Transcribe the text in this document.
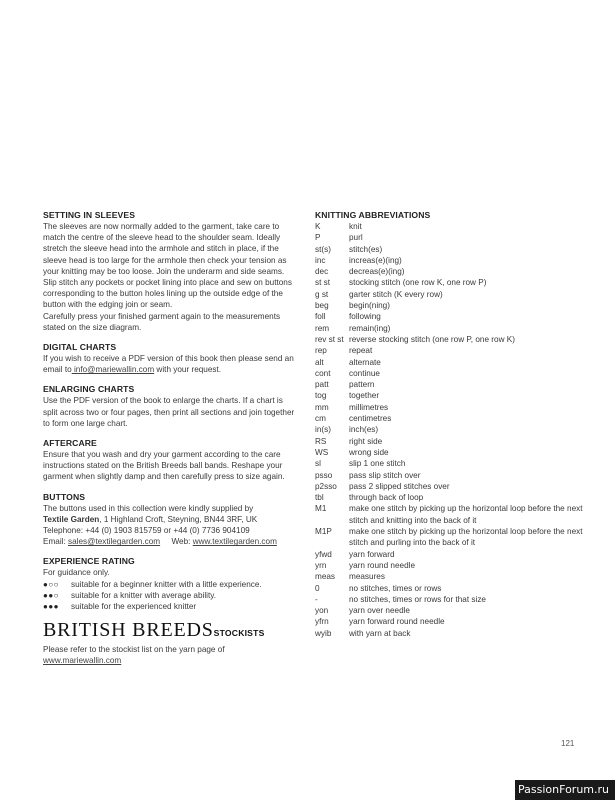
SETTING IN SLEEVES

The sleeves are now normally added to the garment, take care to
match the centre of the sleeve head to the shoulder seam. Ideally
stretch the sleeve head into the armhole and stitch in place, if the
sleeve head is too large for the armhole then check your tension as
your knitting may be too loose. Join the underarm and side seams.
Slip stitch any pockets or pocket lining into place and sew on buttons
corresponding to the button holes lining up the outside edge of the
button with the edging join or seam.
Carefully press your finished garment again to the measurements
stated on the size diagram.

DIGITAL CHARTS

If you wish to receive a PDF version of this book then please send an
email to info@mariewallin.com with your request.

ENLARGING CHARTS

Use the PDF version of the book to enlarge the charts. If a chart is
split across two or four pages, then print all sections and join together
to form one large chart.

AFTERCARE

Ensure that you wash and dry your garment according to the care
instructions stated on the British Breeds ball bands. Reshape your
garment when slightly damp and then carefully press to size again.

BUTTONS

The buttons used in this collection were kindly supplied by
Textile Garden, 1 Highland Croft, Steyning, BN44 3RF, UK
Telephone: +44 (0) 1903 815759 or +44 (0) 7736 904109
Email: sales@textilegarden.com Web: www.textilegarden.com

EXPERIENCE RATING

For guidance only.

●○○	suitable for a beginner knitter with a little experience.
●●○	suitable for a knitter with average ability.
●●●	suitable for the experienced knitter
BRITISH BREEDSSTOCKISTS

Please refer to the stockist list on the yarn page of
www.mariewallin.com

KNITTING ABBREVIATIONS
K	knit
P	purl
st(s)	stitch(es)
inc	increas(e)(ing)
dec	decreas(e)(ing)
st st	stocking stitch (one row K, one row P)
g st	garter stitch (K every row)
beg	begin(ning)
foll	following
rem	remain(ing)
rev st st	reverse stocking stitch (one row P, one row K)
rep	repeat
alt	alternate
cont	continue
patt	pattern
tog	together
mm	millimetres
cm	centimetres
in(s)	inch(es)
RS	right side
WS	wrong side
sl	slip 1 one stitch
psso	pass slip stitch over
p2sso	pass 2 slipped stitches over
tbl	through back of loop
M1	make one stitch by picking up the horizontal loop before the next stitch and knitting into the back of it
M1P	make one stitch by picking up the horizontal loop before the next stitch and purling into the back of it
yfwd	yarn forward
yrn	yarn round needle
meas	measures
0	no stitches, times or rows
-	no stitches, times or rows for that size
yon	yarn over needle
yfrn	yarn forward round needle
wyib	with yarn at back
121
PassionForum.ru
